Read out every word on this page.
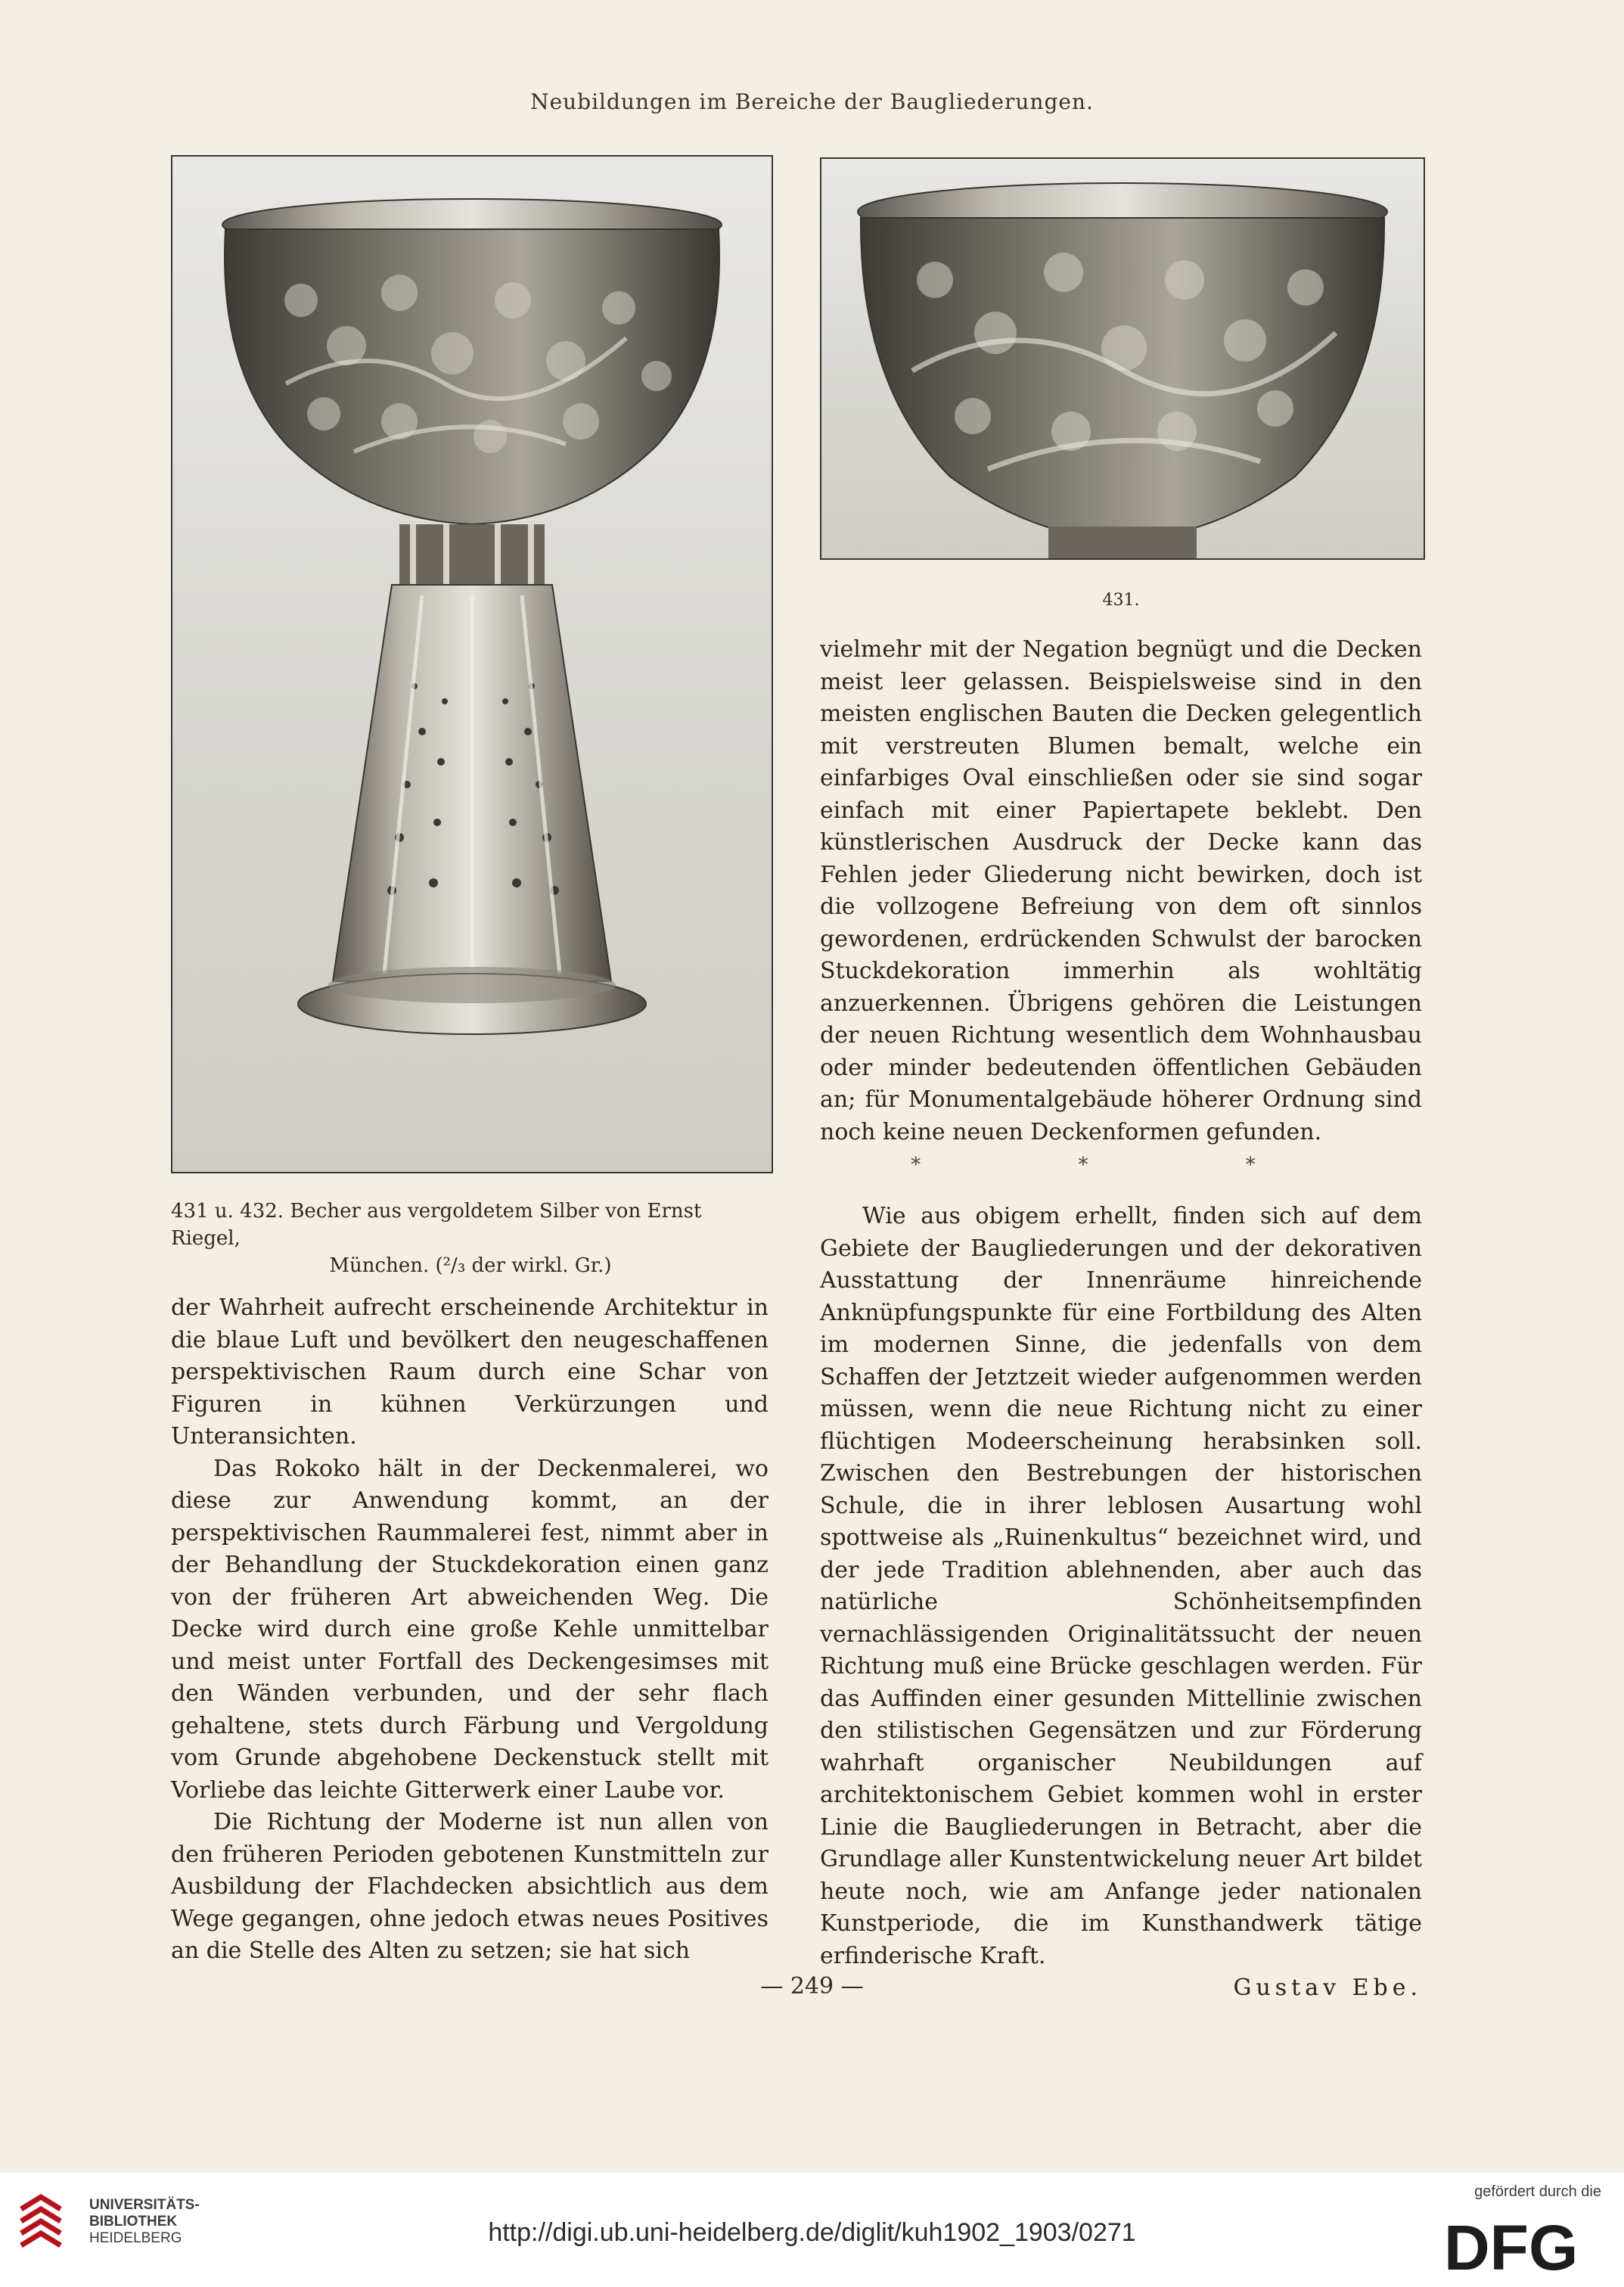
Neubildungen im Bereiche der Baugliederungen.
431 u. 432. Becher aus vergoldetem Silber von Ernst Riegel,
München. (²/₃ der wirkl. Gr.)
431.

der Wahrheit aufrecht erscheinende Architektur in die blaue Luft und bevölkert den neugeschaffenen perspektivischen Raum durch eine Schar von Figuren in kühnen Verkürzungen und Unteransichten.

Das Rokoko hält in der Deckenmalerei, wo diese zur Anwendung kommt, an der perspektivischen Raummalerei fest, nimmt aber in der Behandlung der Stuckdekoration einen ganz von der früheren Art abweichenden Weg. Die Decke wird durch eine große Kehle unmittelbar und meist unter Fortfall des Deckengesimses mit den Wänden verbunden, und der sehr flach gehaltene, stets durch Färbung und Vergoldung vom Grunde abgehobene Deckenstuck stellt mit Vorliebe das leichte Gitterwerk einer Laube vor.

Die Richtung der Moderne ist nun allen von den früheren Perioden gebotenen Kunstmitteln zur Ausbildung der Flachdecken absichtlich aus dem Wege gegangen, ohne jedoch etwas neues Positives an die Stelle des Alten zu setzen; sie hat sich

vielmehr mit der Negation begnügt und die Decken meist leer gelassen. Beispielsweise sind in den meisten englischen Bauten die Decken gelegentlich mit verstreuten Blumen bemalt, welche ein einfarbiges Oval einschließen oder sie sind sogar einfach mit einer Papiertapete beklebt. Den künstlerischen Ausdruck der Decke kann das Fehlen jeder Gliederung nicht bewirken, doch ist die vollzogene Befreiung von dem oft sinnlos gewordenen, erdrückenden Schwulst der barocken Stuckdekoration immerhin als wohltätig anzuerkennen. Übrigens gehören die Leistungen der neuen Richtung wesentlich dem Wohnhausbau oder minder bedeutenden öffentlichen Gebäuden an; für Monumentalgebäude höherer Ordnung sind noch keine neuen Deckenformen gefunden.

* * *

Wie aus obigem erhellt, finden sich auf dem Gebiete der Baugliederungen und der dekorativen Ausstattung der Innenräume hinreichende Anknüpfungspunkte für eine Fortbildung des Alten im modernen Sinne, die jedenfalls von dem Schaffen der Jetztzeit wieder aufgenommen werden müssen, wenn die neue Richtung nicht zu einer flüchtigen Modeerscheinung herabsinken soll. Zwischen den Bestrebungen der historischen Schule, die in ihrer leblosen Ausartung wohl spottweise als „Ruinenkultus“ bezeichnet wird, und der jede Tradition ablehnenden, aber auch das natürliche Schönheitsempfinden vernachlässigenden Originalitätssucht der neuen Richtung muß eine Brücke geschlagen werden. Für das Auffinden einer gesunden Mittellinie zwischen den stilistischen Gegensätzen und zur Förderung wahrhaft organischer Neubildungen auf architektonischem Gebiet kommen wohl in erster Linie die Baugliederungen in Betracht, aber die Grundlage aller Kunstentwickelung neuer Art bildet heute noch, wie am Anfange jeder nationalen Kunstperiode, die im Kunsthandwerk tätige erfinderische Kraft.

Gustav Ebe.

— 249 —
UNIVERSITÄTS-
BIBLIOTHEK
HEIDELBERG	http://digi.ub.uni-heidelberg.de/diglit/kuh1902_1903/0271
gefördert durch die
DFG
